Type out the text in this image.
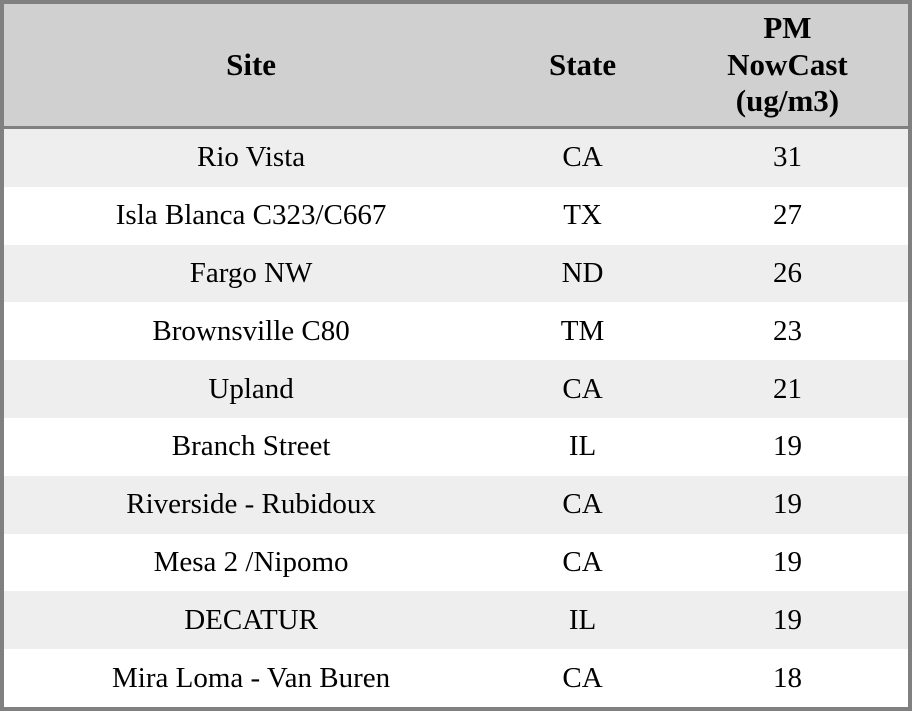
Site	State	PM NowCast (ug/m3)
Rio Vista	CA	31
Isla Blanca C323/C667	TX	27
Fargo NW	ND	26
Brownsville C80	TM	23
Upland	CA	21
Branch Street	IL	19
Riverside - Rubidoux	CA	19
Mesa 2 /Nipomo	CA	19
DECATUR	IL	19
Mira Loma - Van Buren	CA	18
